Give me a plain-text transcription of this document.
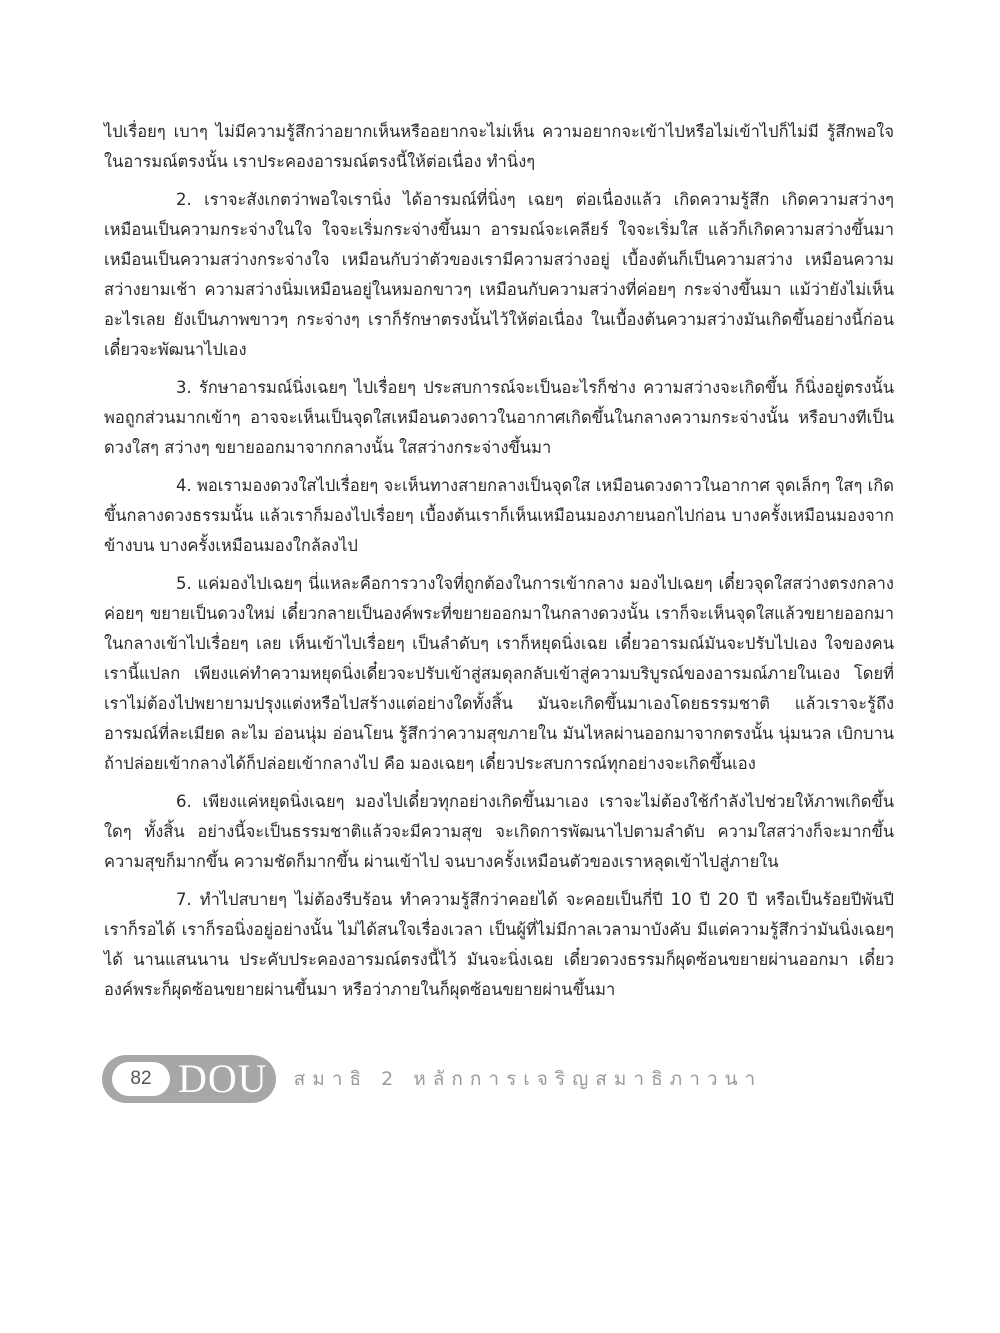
ไปเรื่อยๆ เบาๆ ไม่มีความรู้สึกว่าอยากเห็นหรืออยากจะไม่เห็น ความอยากจะเข้าไปหรือไม่เข้าไปก็ไม่มี รู้สึกพอใจในอารมณ์ตรงนั้น เราประคองอารมณ์ตรงนี้ให้ต่อเนื่อง ทำนิ่งๆ

2. เราจะสังเกตว่าพอใจเรานิ่ง ได้อารมณ์ที่นิ่งๆ เฉยๆ ต่อเนื่องแล้ว เกิดความรู้สึก เกิดความสว่างๆ เหมือนเป็นความกระจ่างในใจ ใจจะเริ่มกระจ่างขึ้นมา อารมณ์จะเคลียร์ ใจจะเริ่มใส แล้วก็เกิดความสว่างขึ้นมา เหมือนเป็นความสว่างกระจ่างใจ เหมือนกับว่าตัวของเรามีความสว่างอยู่ เบื้องต้นก็เป็นความสว่าง เหมือนความสว่างยามเช้า ความสว่างนิ่มเหมือนอยู่ในหมอกขาวๆ เหมือนกับความสว่างที่ค่อยๆ กระจ่างขึ้นมา แม้ว่ายังไม่เห็นอะไรเลย ยังเป็นภาพขาวๆ กระจ่างๆ เราก็รักษาตรงนั้นไว้ให้ต่อเนื่อง ในเบื้องต้นความสว่างมันเกิดขึ้นอย่างนี้ก่อน เดี๋ยวจะพัฒนาไปเอง

3. รักษาอารมณ์นิ่งเฉยๆ ไปเรื่อยๆ ประสบการณ์จะเป็นอะไรก็ช่าง ความสว่างจะเกิดขึ้น ก็นิ่งอยู่ตรงนั้น พอถูกส่วนมากเข้าๆ อาจจะเห็นเป็นจุดใสเหมือนดวงดาวในอากาศเกิดขึ้นในกลางความกระจ่างนั้น หรือบางทีเป็นดวงใสๆ สว่างๆ ขยายออกมาจากกลางนั้น ใสสว่างกระจ่างขึ้นมา

4. พอเรามองดวงใสไปเรื่อยๆ จะเห็นทางสายกลางเป็นจุดใส เหมือนดวงดาวในอากาศ จุดเล็กๆ ใสๆ เกิดขึ้นกลางดวงธรรมนั้น แล้วเราก็มองไปเรื่อยๆ เบื้องต้นเราก็เห็นเหมือนมองภายนอกไปก่อน บางครั้งเหมือนมองจากข้างบน บางครั้งเหมือนมองใกล้ลงไป

5. แค่มองไปเฉยๆ นี่แหละคือการวางใจที่ถูกต้องในการเข้ากลาง มองไปเฉยๆ เดี๋ยวจุดใสสว่างตรงกลางค่อยๆ ขยายเป็นดวงใหม่ เดี๋ยวกลายเป็นองค์พระที่ขยายออกมาในกลางดวงนั้น เราก็จะเห็นจุดใสแล้วขยายออกมาในกลางเข้าไปเรื่อยๆ เลย เห็นเข้าไปเรื่อยๆ เป็นลำดับๆ เราก็หยุดนิ่งเฉย เดี๋ยวอารมณ์มันจะปรับไปเอง ใจของคนเรานี้แปลก เพียงแค่ทำความหยุดนิ่งเดี๋ยวจะปรับเข้าสู่สมดุลกลับเข้าสู่ความบริบูรณ์ของอารมณ์ภายในเอง โดยที่เราไม่ต้องไปพยายามปรุงแต่งหรือไปสร้างแต่อย่างใดทั้งสิ้น มันจะเกิดขึ้นมาเองโดยธรรมชาติ แล้วเราจะรู้ถึงอารมณ์ที่ละเมียด ละไม อ่อนนุ่ม อ่อนโยน รู้สึกว่าความสุขภายใน มันไหลผ่านออกมาจากตรงนั้น นุ่มนวล เบิกบาน ถ้าปล่อยเข้ากลางได้ก็ปล่อยเข้ากลางไป คือ มองเฉยๆ เดี๋ยวประสบการณ์ทุกอย่างจะเกิดขึ้นเอง

6. เพียงแค่หยุดนิ่งเฉยๆ มองไปเดี๋ยวทุกอย่างเกิดขึ้นมาเอง เราจะไม่ต้องใช้กำลังไปช่วยให้ภาพเกิดขึ้นใดๆ ทั้งสิ้น อย่างนี้จะเป็นธรรมชาติแล้วจะมีความสุข จะเกิดการพัฒนาไปตามลำดับ ความใสสว่างก็จะมากขึ้น ความสุขก็มากขึ้น ความชัดก็มากขึ้น ผ่านเข้าไป จนบางครั้งเหมือนตัวของเราหลุดเข้าไปสู่ภายใน

7. ทำไปสบายๆ ไม่ต้องรีบร้อน ทำความรู้สึกว่าคอยได้ จะคอยเป็นกี่ปี 10 ปี 20 ปี หรือเป็นร้อยปีพันปี เราก็รอได้ เราก็รอนิ่งอยู่อย่างนั้น ไม่ได้สนใจเรื่องเวลา เป็นผู้ที่ไม่มีกาลเวลามาบังคับ มีแต่ความรู้สึกว่ามันนิ่งเฉยๆ ได้ นานแสนนาน ประคับประคองอารมณ์ตรงนี้ไว้ มันจะนิ่งเฉย เดี๋ยวดวงธรรมก็ผุดซ้อนขยายผ่านออกมา เดี๋ยวองค์พระก็ผุดซ้อนขยายผ่านขึ้นมา หรือว่าภายในก็ผุดซ้อนขยายผ่านขึ้นมา

82 DOU สมาธิ 2 หลักการเจริญสมาธิภาวนา
